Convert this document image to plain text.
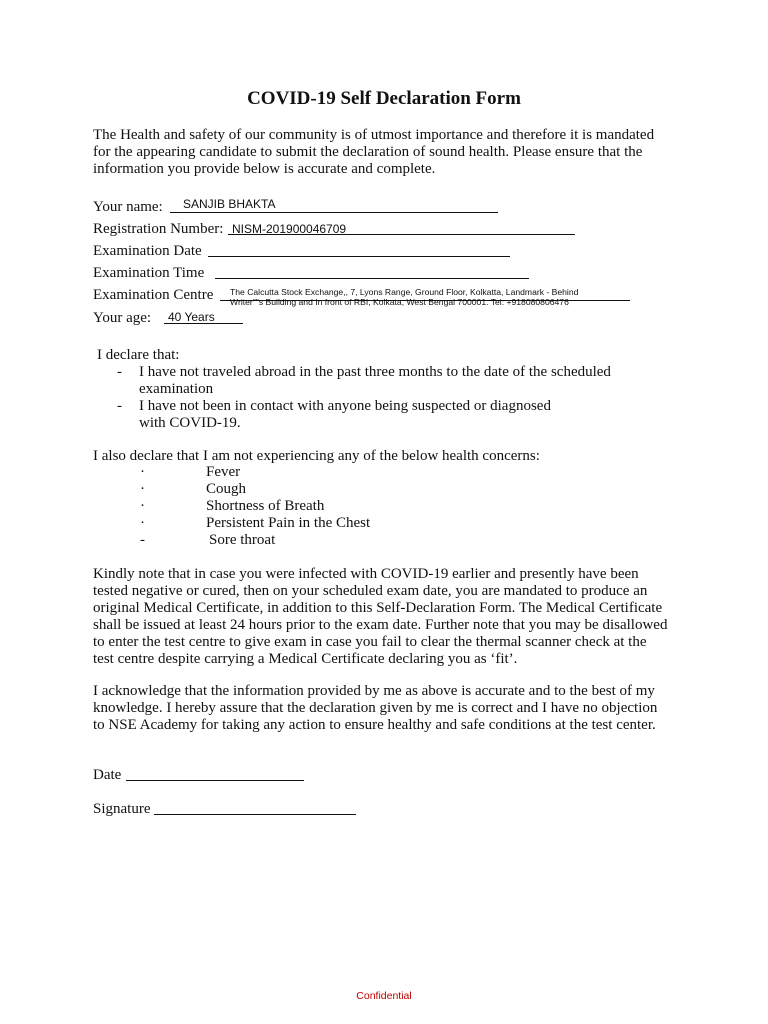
COVID-19 Self Declaration Form
The Health and safety of our community is of utmost importance and therefore it is mandated
for the appearing candidate to submit the declaration of sound health. Please ensure that the
information you provide below is accurate and complete.
Your name: SANJIB BHAKTA
Registration Number: NISM-201900046709
Examination Date
Examination Time
Examination Centre The Calcutta Stock Exchange,, 7, Lyons Range, Ground Floor, Kolkatta, Landmark - Behind
Writer""s Building and In front of RBI, Kolkata, West Bengal 700001. Tel: +918080806476
Your age: 40 Years
I declare that:
- I have not traveled abroad in the past three months to the date of the scheduled
examination
- I have not been in contact with anyone being suspected or diagnosed
with COVID-19.
I also declare that I am not experiencing any of the below health concerns:
·	Fever
·	Cough
·	Shortness of Breath
·	Persistent Pain in the Chest
-	Sore throat
Kindly note that in case you were infected with COVID-19 earlier and presently have been
tested negative or cured, then on your scheduled exam date, you are mandated to produce an
original Medical Certificate, in addition to this Self-Declaration Form. The Medical Certificate
shall be issued at least 24 hours prior to the exam date. Further note that you may be disallowed
to enter the test centre to give exam in case you fail to clear the thermal scanner check at the
test centre despite carrying a Medical Certificate declaring you as ‘fit’.
I acknowledge that the information provided by me as above is accurate and to the best of my
knowledge. I hereby assure that the declaration given by me is correct and I have no objection
to NSE Academy for taking any action to ensure healthy and safe conditions at the test center.
Date
Signature
Confidential
